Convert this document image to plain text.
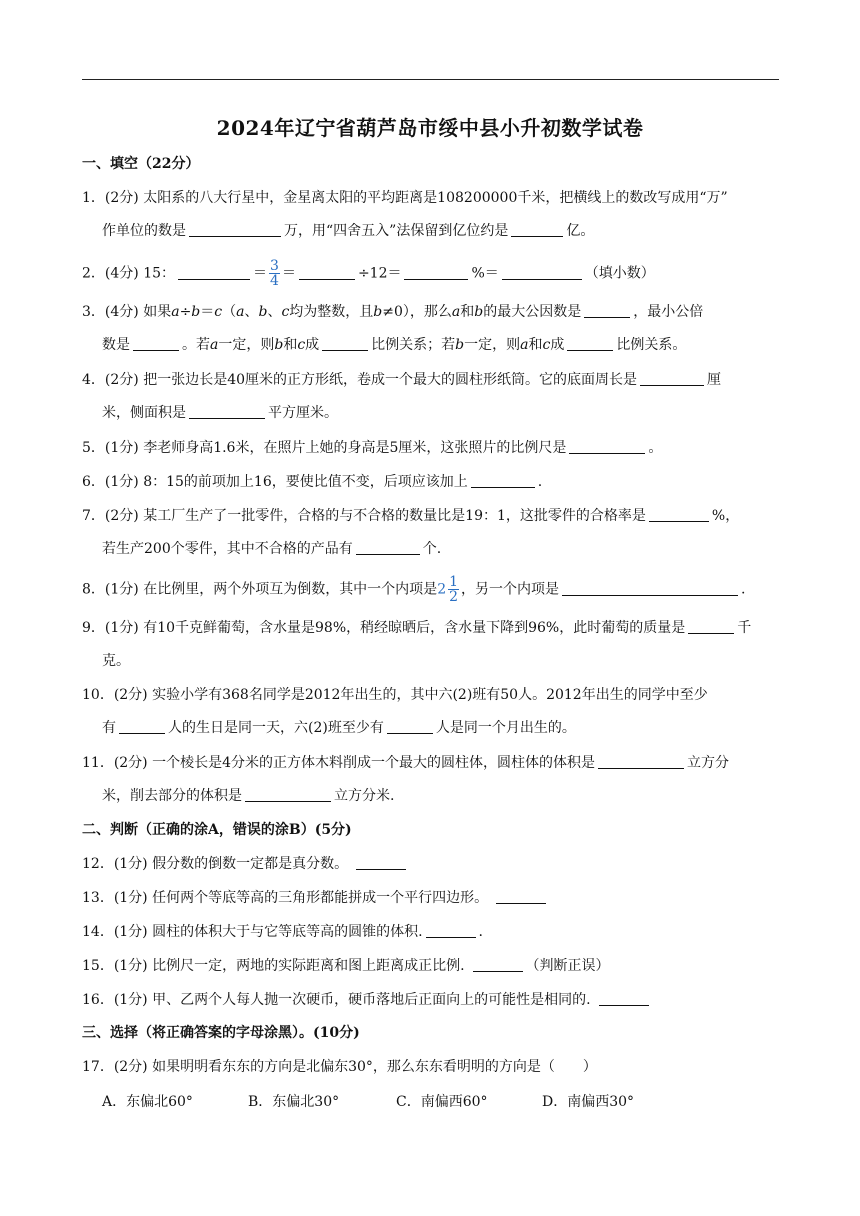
2024年辽宁省葫芦岛市绥中县小升初数学试卷
一、填空（22分）
1．(2分) 太阳系的八大行星中，金星离太阳的平均距离是108200000千米，把横线上的数改写成用“万”
作单位的数是	万，用“四舍五入”法保留到亿位约是	亿。
2．(4分) 15：	＝ $\frac{3}{4}$ ＝	÷12＝	%＝	（填小数）
3．(4分) 如果a÷b＝c（a、b、c均为整数，且b≠0），那么a和b的最大公因数是	，最小公倍
数是	。若a一定，则b和c成	比例关系；若b一定，则a和c成	比例关系。
4．(2分) 把一张边长是40厘米的正方形纸，卷成一个最大的圆柱形纸筒。它的底面周长是	厘
米，侧面积是	平方厘米。
5．(1分) 李老师身高1.6米，在照片上她的身高是5厘米，这张照片的比例尺是	。
6．(1分) 8：15的前项加上16，要使比值不变，后项应该加上	.
7．(2分) 某工厂生产了一批零件，合格的与不合格的数量比是19：1，这批零件的合格率是	%，
若生产200个零件，其中不合格的产品有	个.
8．(1分) 在比例里，两个外项互为倒数，其中一个内项是$2 \frac{1}{2}$ ，另一个内项是	.
9．(1分) 有10千克鲜葡萄，含水量是98%，稍经晾晒后，含水量下降到96%，此时葡萄的质量是	千
克。
10．(2分) 实验小学有368名同学是2012年出生的，其中六(2)班有50人。2012年出生的同学中至少
有	人的生日是同一天，六(2)班至少有	人是同一个月出生的。
11．(2分) 一个棱长是4分米的正方体木料削成一个最大的圆柱体，圆柱体的体积是	立方分
米，削去部分的体积是	立方分米.
二、判断（正确的涂A，错误的涂B）(5分)
12．(1分) 假分数的倒数一定都是真分数。
13．(1分) 任何两个等底等高的三角形都能拼成一个平行四边形。
14．(1分) 圆柱的体积大于与它等底等高的圆锥的体积.	.
15．(1分) 比例尺一定，两地的实际距离和图上距离成正比例.	（判断正误）
16．(1分) 甲、乙两个人每人抛一次硬币，硬币落地后正面向上的可能性是相同的.
三、选择（将正确答案的字母涂黑）。(10分)
17．(2分) 如果明明看东东的方向是北偏东30°，那么东东看明明的方向是（　　）
A．东偏北60°	B．东偏北30°	C．南偏西60°	D．南偏西30°
